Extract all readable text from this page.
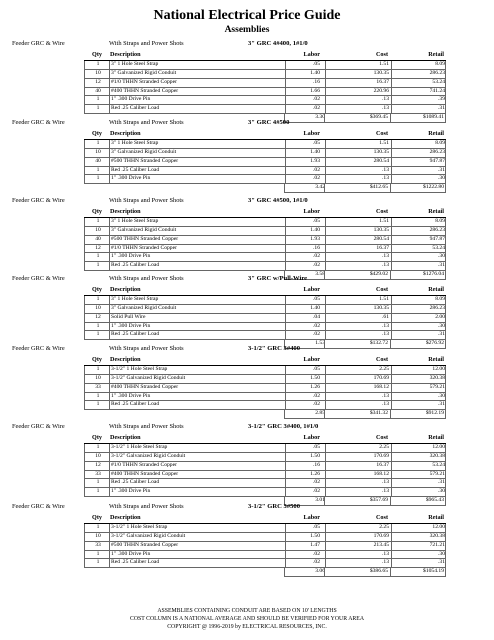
National Electrical Price Guide
Assemblies
Feeder GRC & Wire	With Straps and Power Shots	3" GRC 4#400, 1#1/0
Qty	Description	Labor	Cost	Retail
1	3" 1 Hole Steel Strap	.05	1.51	8.09
10	3" Galvanized Rigid Conduit	1.40	130.35	286.23
12	#1/0 THHN Stranded Copper	.16	16.37	53.24
40	#400 THHN Stranded Copper	1.66	220.96	741.24
1	1" .300 Drive Pin	.02	.13	.39
1	Red .25 Caliber Load	.02	.13	.31
3.30	$369.45	$1089.41
Feeder GRC & Wire	With Straps and Power Shots	3" GRC 4#500
Qty	Description	Labor	Cost	Retail
1	3" 1 Hole Steel Strap	.05	1.51	8.09
10	3" Galvanized Rigid Conduit	1.40	130.35	286.23
40	#500 THHN Stranded Copper	1.93	280.54	947.87
1	Red .25 Caliber Load	.02	.13	.31
1	1" .300 Drive Pin	.02	.13	.30
3.42	$412.65	$1222.80
Feeder GRC & Wire	With Straps and Power Shots	3" GRC 4#500, 1#1/0
Qty	Description	Labor	Cost	Retail
1	3" 1 Hole Steel Strap	.05	1.51	8.09
10	3" Galvanized Rigid Conduit	1.40	130.35	286.23
40	#500 THHN Stranded Copper	1.93	280.54	947.87
12	#1/0 THHN Stranded Copper	.16	16.37	53.24
1	1" .300 Drive Pin	.02	.13	.30
1	Red .25 Caliber Load	.02	.13	.31
3.58	$429.02	$1276.04
Feeder GRC & Wire	With Straps and Power Shots	3" GRC w/Pull-Wire
Qty	Description	Labor	Cost	Retail
1	3" 1 Hole Steel Strap	.05	1.51	8.09
10	3" Galvanized Rigid Conduit	1.40	130.35	286.23
12	Solid Pull Wire	.04	.61	2.00
1	1" .300 Drive Pin	.02	.13	.30
1	Red .25 Caliber Load	.02	.13	.31
1.53	$132.72	$276.92
Feeder GRC & Wire	With Straps and Power Shots	3-1/2" GRC 3#400
Qty	Description	Labor	Cost	Retail
1	3-1/2" 1 Hole Steel Strap	.05	2.25	12.00
10	3-1/2" Galvanized Rigid Conduit	1.50	170.69	320.38
33	#400 THHN Stranded Copper	1.26	168.12	579.21
1	1" .300 Drive Pin	.02	.13	.30
1	Red .25 Caliber Load	.02	.13	.31
2.85	$341.32	$912.19
Feeder GRC & Wire	With Straps and Power Shots	3-1/2" GRC 3#400, 1#1/0
Qty	Description	Labor	Cost	Retail
1	3-1/2" 1 Hole Steel Strap	.05	2.25	12.00
10	3-1/2" Galvanized Rigid Conduit	1.50	170.69	320.38
12	#1/0 THHN Stranded Copper	.16	16.37	53.24
33	#400 THHN Stranded Copper	1.26	168.12	579.21
1	Red .25 Caliber Load	.02	.13	.31
1	1" .300 Drive Pin	.02	.13	.30
3.01	$357.69	$965.43
Feeder GRC & Wire	With Straps and Power Shots	3-1/2" GRC 3#500
Qty	Description	Labor	Cost	Retail
1	3-1/2" 1 Hole Steel Strap	.05	2.25	12.00
10	3-1/2" Galvanized Rigid Conduit	1.50	170.69	320.38
33	#500 THHN Stranded Copper	1.47	213.45	721.21
1	1" .300 Drive Pin	.02	.13	.30
1	Red .25 Caliber Load	.02	.13	.31
3.06	$386.65	$1054.19
ASSEMBLIES CONTAINING CONDUIT ARE BASED ON 10' LENGTHS
COST COLUMN IS A NATIONAL AVERAGE AND SHOULD BE VERIFIED FOR YOUR AREA
COPYRIGHT @ 1996-2019 by ELECTRICAL RESOURCES, INC.
